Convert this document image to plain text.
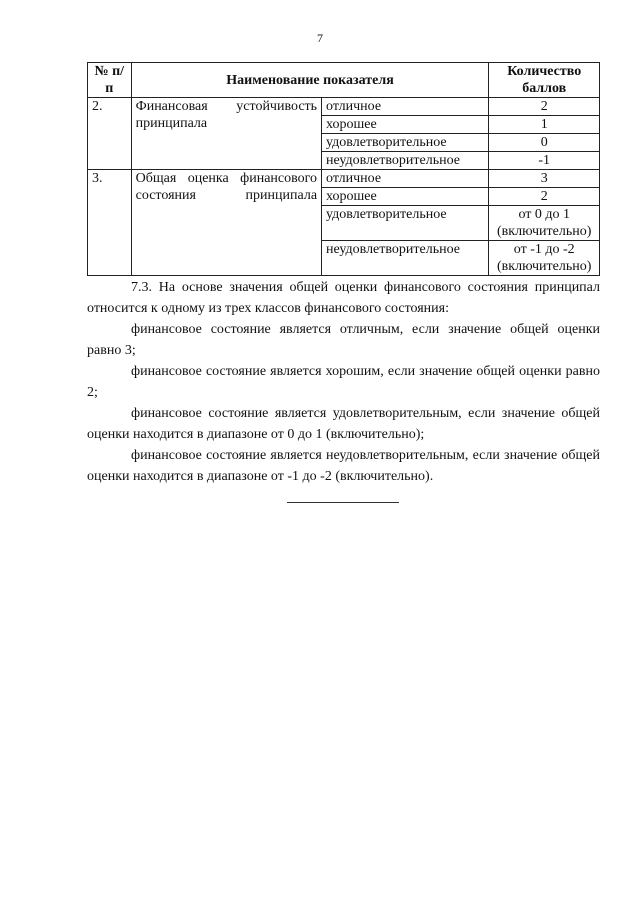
7
№ п/п	Наименование показателя		Количество баллов
2.	Финансовая устойчивость принципала	отличное	2
		хорошее	1
		удовлетворительное	0
		неудовлетворительное	-1
3.	Общая оценка финансового состояния принципала	отличное	3
		хорошее	2
		удовлетворительное	от 0 до 1 (включительно)
		неудовлетворительное	от -1 до -2 (включительно)
7.3. На основе значения общей оценки финансового состояния принципал относится к одному из трех классов финансового состояния:
финансовое состояние является отличным, если значение общей оценки равно 3;
финансовое состояние является хорошим, если значение общей оценки равно 2;
финансовое состояние является удовлетворительным, если значение общей оценки находится в диапазоне от 0 до 1 (включительно);
финансовое состояние является неудовлетворительным, если значение общей оценки находится в диапазоне от -1 до -2 (включительно).
